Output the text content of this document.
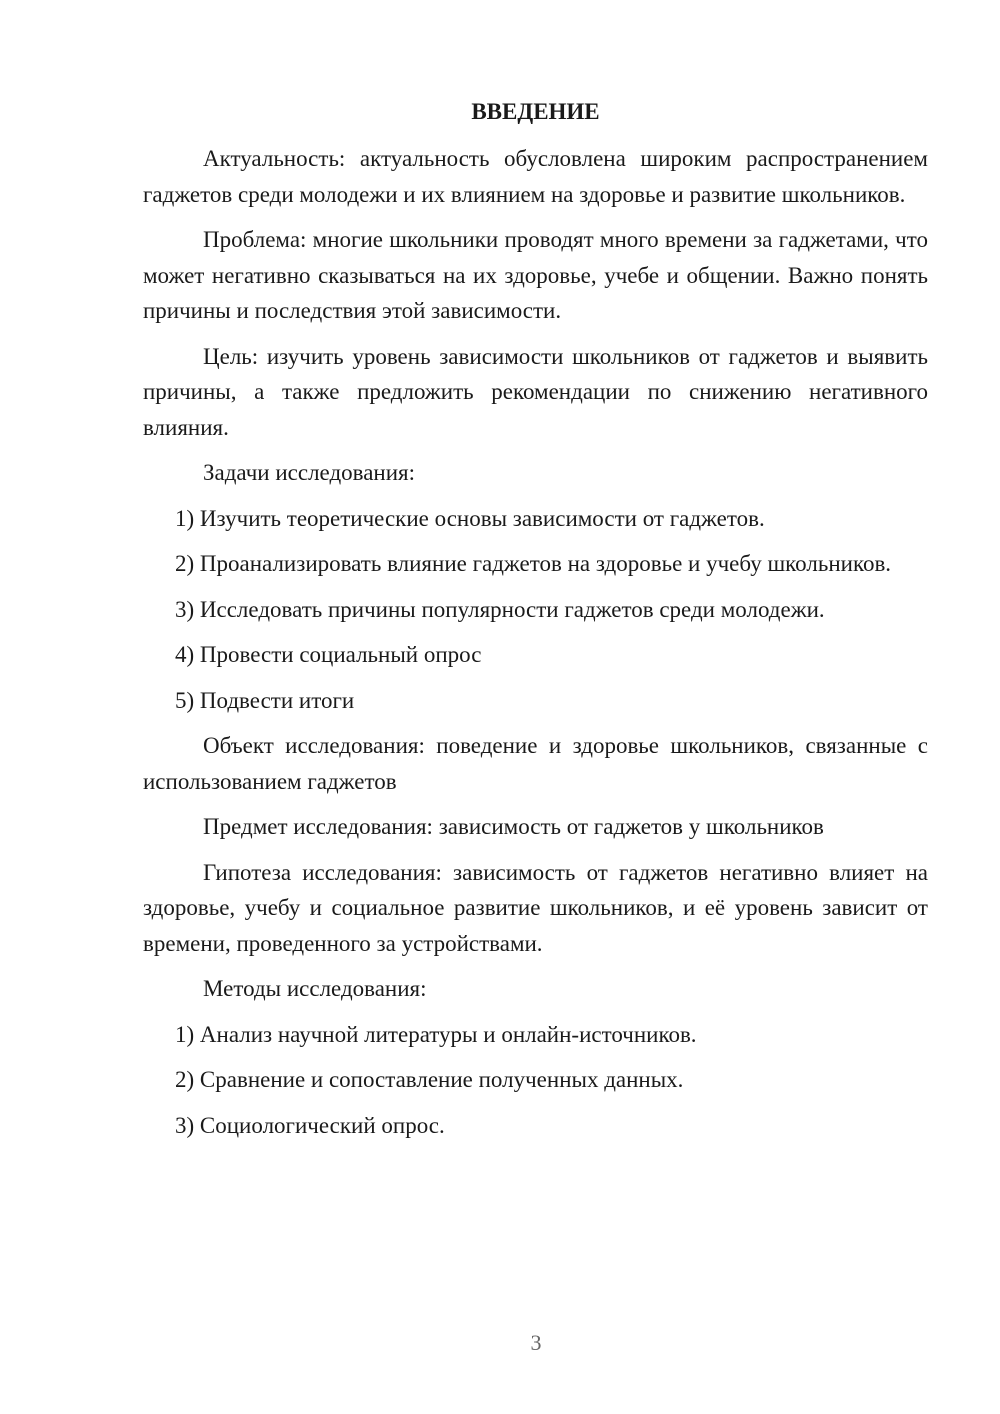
ВВЕДЕНИЕ

Актуальность: актуальность обусловлена широким распространением гаджетов среди молодежи и их влиянием на здоровье и развитие школьников.

Проблема: многие школьники проводят много времени за гаджетами, что может негативно сказываться на их здоровье, учебе и общении. Важно понять причины и последствия этой зависимости.

Цель: изучить уровень зависимости школьников от гаджетов и выявить причины, а также предложить рекомендации по снижению негативного влияния.

Задачи исследования:

1) Изучить теоретические основы зависимости от гаджетов.

2) Проанализировать влияние гаджетов на здоровье и учебу школьников.

3) Исследовать причины популярности гаджетов среди молодежи.

4) Провести социальный опрос

5) Подвести итоги

Объект исследования: поведение и здоровье школьников, связанные с использованием гаджетов

Предмет исследования: зависимость от гаджетов у школьников

Гипотеза исследования: зависимость от гаджетов негативно влияет на здоровье, учебу и социальное развитие школьников, и её уровень зависит от времени, проведенного за устройствами.

Методы исследования:

1) Анализ научной литературы и онлайн-источников.

2) Сравнение и сопоставление полученных данных.

3) Социологический опрос.

3
